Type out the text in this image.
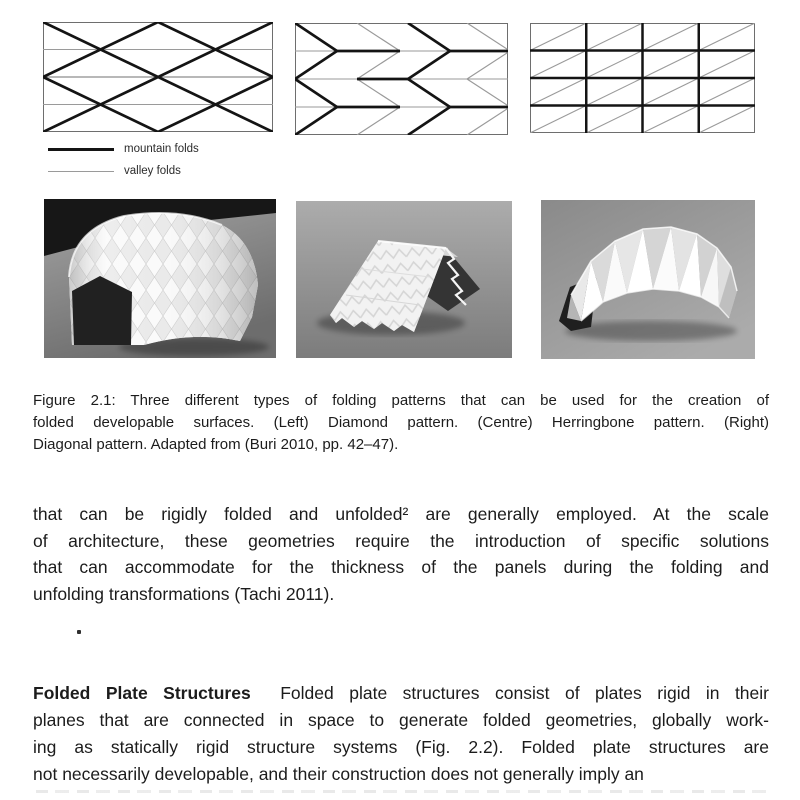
mountain folds
valley folds
Figure 2.1: Three different types of folding patterns that can be used for the creation of
folded developable surfaces. (Left) Diamond pattern. (Centre) Herringbone pattern. (Right)
Diagonal pattern. Adapted from (Buri 2010, pp. 42–47).
that can be rigidly folded and unfolded² are generally employed. At the scale
of architecture, these geometries require the introduction of specific solutions
that can accommodate for the thickness of the panels during the folding and
unfolding transformations (Tachi 2011).
Folded Plate Structures Folded plate structures consist of plates rigid in their
planes that are connected in space to generate folded geometries, globally work-
ing as statically rigid structure systems (Fig. 2.2). Folded plate structures are
not necessarily developable, and their construction does not generally imply an
